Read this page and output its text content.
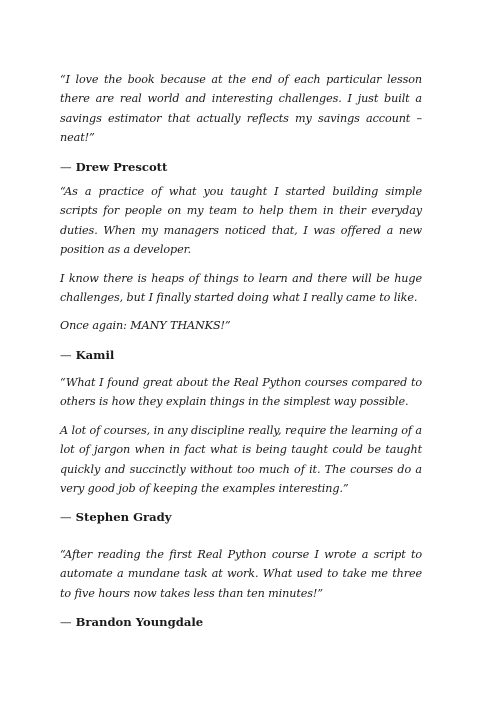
“I love the book because at the end of each particular lesson there are real world and interesting challenges. I just built a savings estimator that actually reflects my savings account – neat!”

— Drew Prescott

“As a practice of what you taught I started building simple scripts for people on my team to help them in their everyday duties. When my managers noticed that, I was offered a new position as a developer.

I know there is heaps of things to learn and there will be huge challenges, but I finally started doing what I really came to like.

Once again: MANY THANKS!”

— Kamil

“What I found great about the Real Python courses compared to others is how they explain things in the simplest way possible.

A lot of courses, in any discipline really, require the learning of a lot of jargon when in fact what is being taught could be taught quickly and succinctly without too much of it. The courses do a very good job of keeping the examples interesting.”

— Stephen Grady

“After reading the first Real Python course I wrote a script to automate a mundane task at work. What used to take me three to five hours now takes less than ten minutes!”

— Brandon Youngdale
